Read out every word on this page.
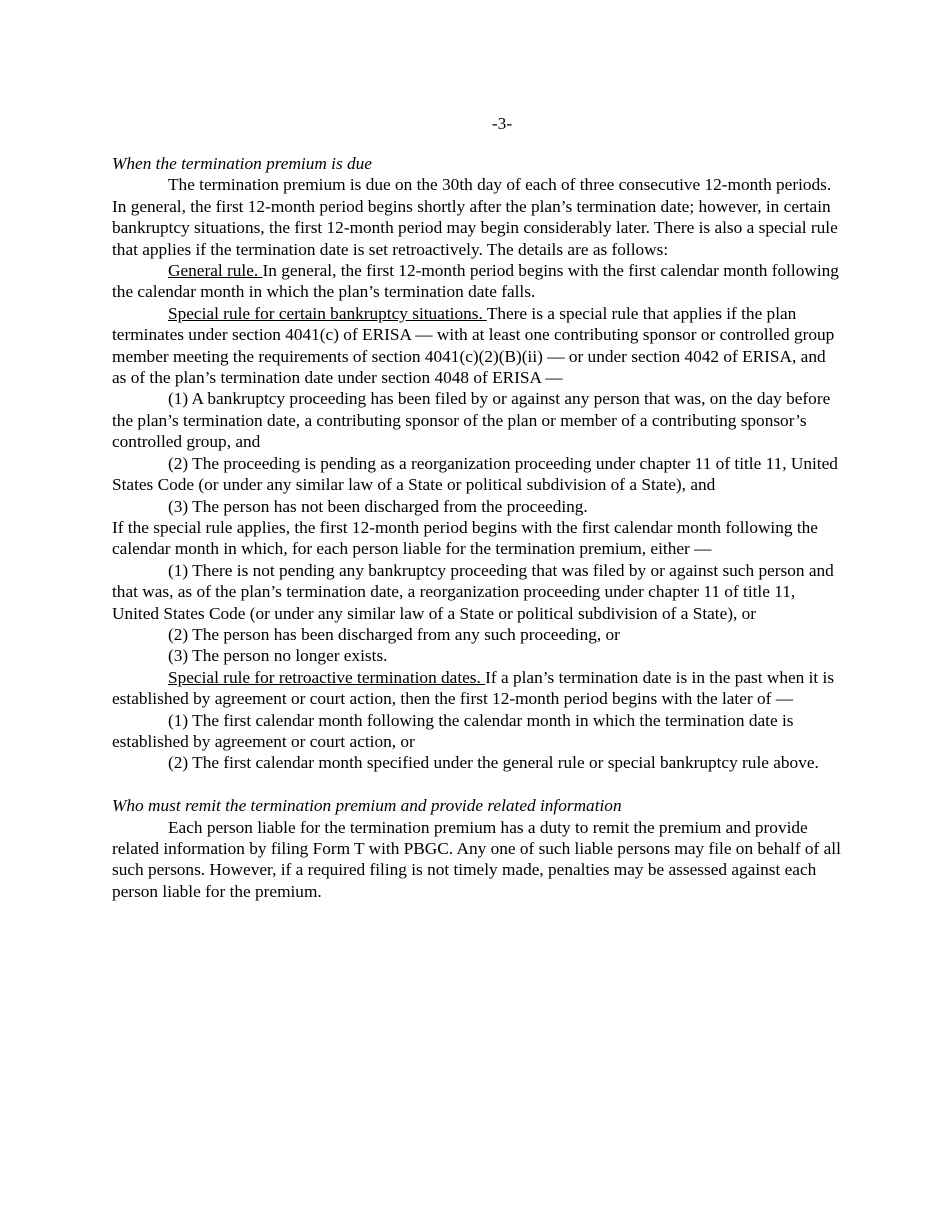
-3-

When the termination premium is due

The termination premium is due on the 30th day of each of three consecutive 12-month periods. In general, the first 12-month period begins shortly after the plan’s termination date; however, in certain bankruptcy situations, the first 12-month period may begin considerably later. There is also a special rule that applies if the termination date is set retroactively. The details are as follows:

General rule. In general, the first 12-month period begins with the first calendar month following the calendar month in which the plan’s termination date falls.

Special rule for certain bankruptcy situations. There is a special rule that applies if the plan terminates under section 4041(c) of ERISA — with at least one contributing sponsor or controlled group member meeting the requirements of section 4041(c)(2)(B)(ii) — or under section 4042 of ERISA, and as of the plan’s termination date under section 4048 of ERISA —

(1) A bankruptcy proceeding has been filed by or against any person that was, on the day before the plan’s termination date, a contributing sponsor of the plan or member of a contributing sponsor’s controlled group, and

(2) The proceeding is pending as a reorganization proceeding under chapter 11 of title 11, United States Code (or under any similar law of a State or political subdivision of a State), and

(3) The person has not been discharged from the proceeding.

If the special rule applies, the first 12-month period begins with the first calendar month following the calendar month in which, for each person liable for the termination premium, either —

(1) There is not pending any bankruptcy proceeding that was filed by or against such person and that was, as of the plan’s termination date, a reorganization proceeding under chapter 11 of title 11, United States Code (or under any similar law of a State or political subdivision of a State), or

(2) The person has been discharged from any such proceeding, or

(3) The person no longer exists.

Special rule for retroactive termination dates. If a plan’s termination date is in the past when it is established by agreement or court action, then the first 12-month period begins with the later of —

(1) The first calendar month following the calendar month in which the termination date is established by agreement or court action, or

(2) The first calendar month specified under the general rule or special bankruptcy rule above.

Who must remit the termination premium and provide related information

Each person liable for the termination premium has a duty to remit the premium and provide related information by filing Form T with PBGC. Any one of such liable persons may file on behalf of all such persons. However, if a required filing is not timely made, penalties may be assessed against each person liable for the premium.
